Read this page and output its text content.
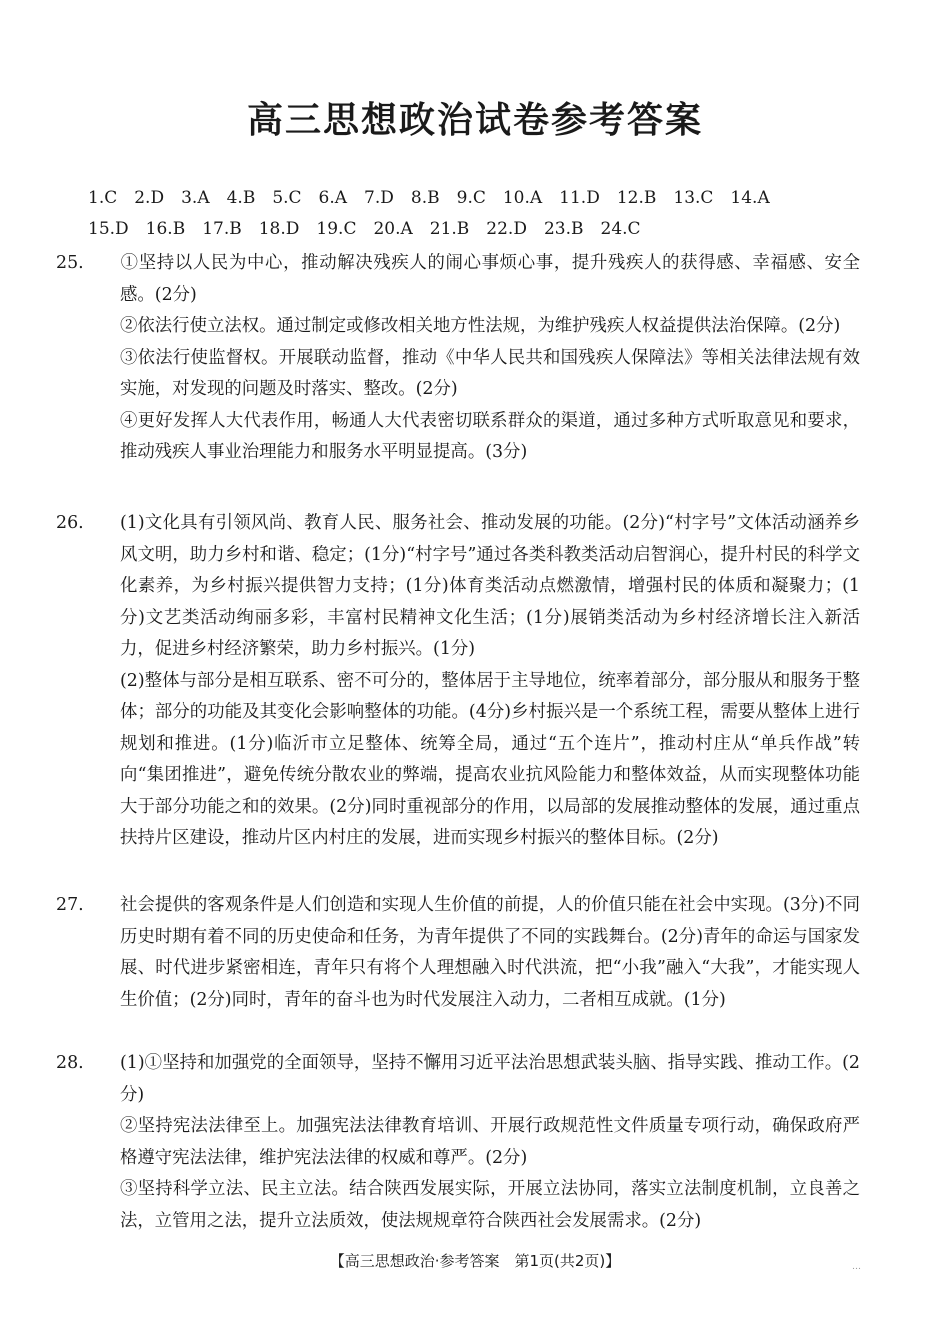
高三思想政治试卷参考答案
1.C 2.D 3.A 4.B 5.C 6.A 7.D 8.B 9.C 10.A 11.D 12.B 13.C 14.A
15.D 16.B 17.B 18.D 19.C 20.A 21.B 22.D 23.B 24.C

25. ①坚持以人民为中心，推动解决残疾人的闹心事烦心事，提升残疾人的获得感、幸福感、安全感。(2分)

②依法行使立法权。通过制定或修改相关地方性法规，为维护残疾人权益提供法治保障。(2分)

③依法行使监督权。开展联动监督，推动《中华人民共和国残疾人保障法》等相关法律法规有效实施，对发现的问题及时落实、整改。(2分)

④更好发挥人大代表作用，畅通人大代表密切联系群众的渠道，通过多种方式听取意见和要求，推动残疾人事业治理能力和服务水平明显提高。(3分)

26. (1)文化具有引领风尚、教育人民、服务社会、推动发展的功能。(2分)“村字号”文体活动涵养乡风文明，助力乡村和谐、稳定；(1分)“村字号”通过各类科教类活动启智润心，提升村民的科学文化素养，为乡村振兴提供智力支持；(1分)体育类活动点燃激情，增强村民的体质和凝聚力；(1分)文艺类活动绚丽多彩，丰富村民精神文化生活；(1分)展销类活动为乡村经济增长注入新活力，促进乡村经济繁荣，助力乡村振兴。(1分)

(2)整体与部分是相互联系、密不可分的，整体居于主导地位，统率着部分，部分服从和服务于整体；部分的功能及其变化会影响整体的功能。(4分)乡村振兴是一个系统工程，需要从整体上进行规划和推进。(1分)临沂市立足整体、统筹全局，通过“五个连片”，推动村庄从“单兵作战”转向“集团推进”，避免传统分散农业的弊端，提高农业抗风险能力和整体效益，从而实现整体功能大于部分功能之和的效果。(2分)同时重视部分的作用，以局部的发展推动整体的发展，通过重点扶持片区建设，推动片区内村庄的发展，进而实现乡村振兴的整体目标。(2分)

27. 社会提供的客观条件是人们创造和实现人生价值的前提，人的价值只能在社会中实现。(3分)不同历史时期有着不同的历史使命和任务，为青年提供了不同的实践舞台。(2分)青年的命运与国家发展、时代进步紧密相连，青年只有将个人理想融入时代洪流，把“小我”融入“大我”，才能实现人生价值；(2分)同时，青年的奋斗也为时代发展注入动力，二者相互成就。(1分)

28. (1)①坚持和加强党的全面领导，坚持不懈用习近平法治思想武装头脑、指导实践、推动工作。(2分)

②坚持宪法法律至上。加强宪法法律教育培训、开展行政规范性文件质量专项行动，确保政府严格遵守宪法法律，维护宪法法律的权威和尊严。(2分)

③坚持科学立法、民主立法。结合陕西发展实际，开展立法协同，落实立法制度机制，立良善之法，立管用之法，提升立法质效，使法规规章符合陕西社会发展需求。(2分)

【高三思想政治·参考答案　第1页(共2页)】	…
